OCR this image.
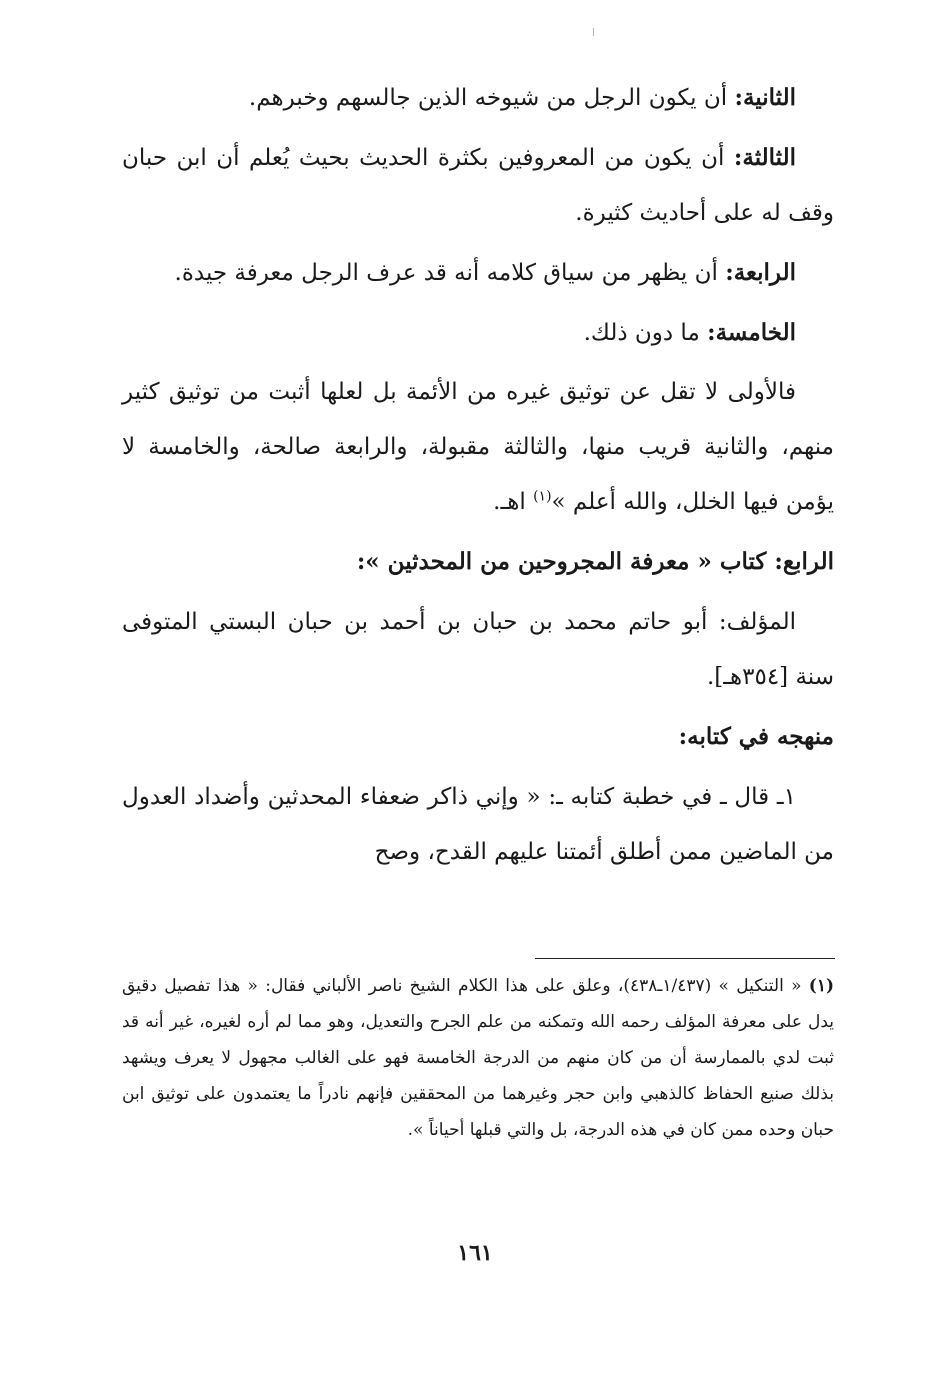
الثانية: أن يكون الرجل من شيوخه الذين جالسهم وخبرهم.

الثالثة: أن يكون من المعروفين بكثرة الحديث بحيث يُعلم أن ابن حبان وقف له على أحاديث كثيرة.

الرابعة: أن يظهر من سياق كلامه أنه قد عرف الرجل معرفة جيدة.

الخامسة: ما دون ذلك.

فالأولى لا تقل عن توثيق غيره من الأئمة بل لعلها أثبت من توثيق كثير منهم، والثانية قريب منها، والثالثة مقبولة، والرابعة صالحة، والخامسة لا يؤمن فيها الخلل، والله أعلم »$^{(١)}$ اهـ.

الرابع: كتاب « معرفة المجروحين من المحدثين »:

المؤلف: أبو حاتم محمد بن حبان بن أحمد بن حبان البستي المتوفى سنة [٣٥٤هـ].

منهجه في كتابه:

١ـ قال ـ في خطبة كتابه ـ: « وإني ذاكر ضعفاء المحدثين وأضداد العدول من الماضين ممن أطلق أئمتنا عليهم القدح، وصح

(١) « التنكيل » (١/٤٣٧ـ٤٣٨)، وعلق على هذا الكلام الشيخ ناصر الألباني فقال: « هذا تفصيل دقيق يدل على معرفة المؤلف رحمه الله وتمكنه من علم الجرح والتعديل، وهو مما لم أره لغيره، غير أنه قد ثبت لدي بالممارسة أن من كان منهم من الدرجة الخامسة فهو على الغالب مجهول لا يعرف ويشهد بذلك صنيع الحفاظ كالذهبي وابن حجر وغيرهما من المحققين فإنهم نادراً ما يعتمدون على توثيق ابن حبان وحده ممن كان في هذه الدرجة، بل والتي قبلها أحياناً ».
١٦١
